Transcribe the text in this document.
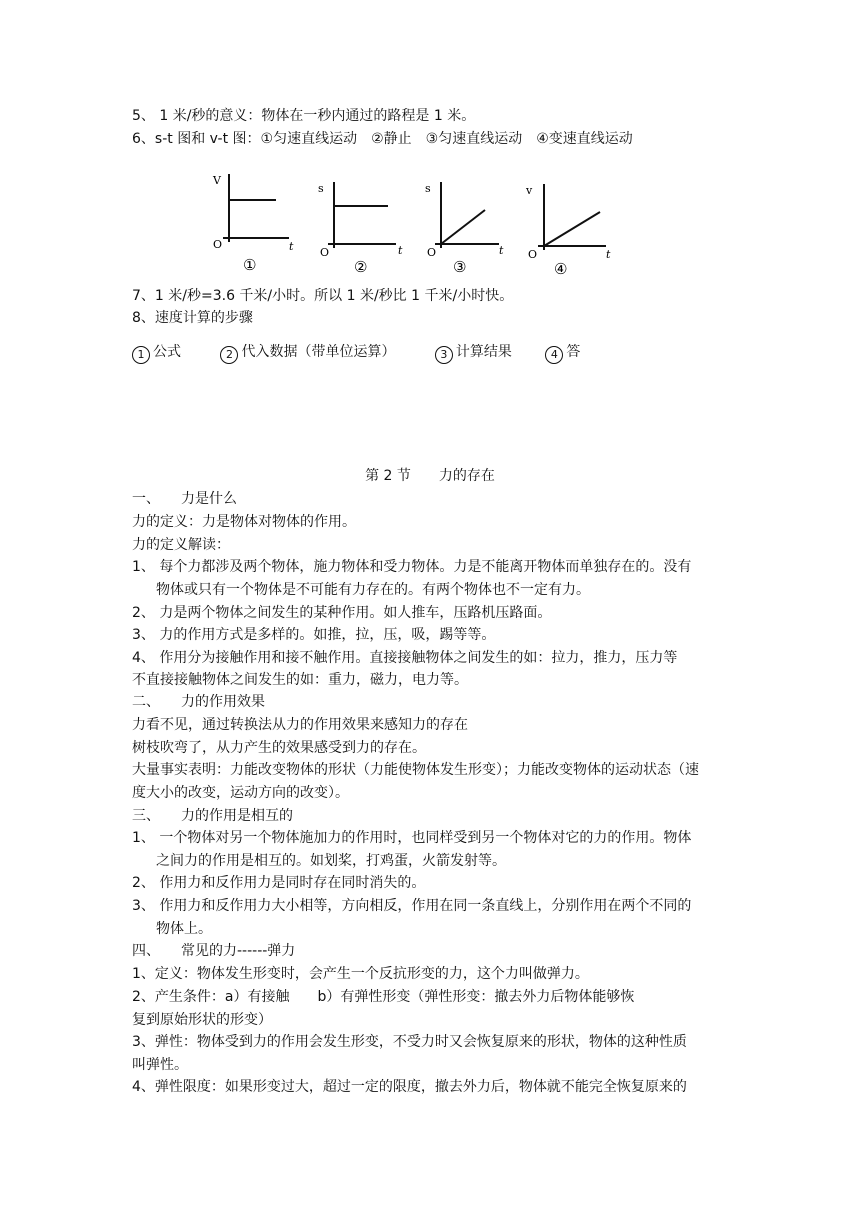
5、 1 米/秒的意义：物体在一秒内通过的路程是 1 米。
6、s-t 图和 v-t 图：①匀速直线运动　②静止　③匀速直线运动　④变速直线运动
V
O	t
①
s
O	t
②
s
O	t
③
v
O	t
④
7、1 米/秒=3.6 千米/小时。所以 1 米/秒比 1 千米/小时快。
8、速度计算的步骤
1 公式	2 代入数据（带单位运算）	3 计算结果	4 答
第 2 节　　力的存在
一、　　力是什么
力的定义：力是物体对物体的作用。
力的定义解读：
1、 每个力都涉及两个物体，施力物体和受力物体。力是不能离开物体而单独存在的。没有
物体或只有一个物体是不可能有力存在的。有两个物体也不一定有力。
2、 力是两个物体之间发生的某种作用。如人推车，压路机压路面。
3、 力的作用方式是多样的。如推，拉，压，吸，踢等等。
4、 作用分为接触作用和接不触作用。直接接触物体之间发生的如：拉力，推力，压力等
不直接接触物体之间发生的如：重力，磁力，电力等。
二、　　力的作用效果
力看不见，通过转换法从力的作用效果来感知力的存在
树枝吹弯了，从力产生的效果感受到力的存在。
大量事实表明：力能改变物体的形状（力能使物体发生形变）；力能改变物体的运动状态（速
度大小的改变，运动方向的改变）。
三、　　力的作用是相互的
1、 一个物体对另一个物体施加力的作用时，也同样受到另一个物体对它的力的作用。物体
之间力的作用是相互的。如划桨，打鸡蛋，火箭发射等。
2、 作用力和反作用力是同时存在同时消失的。
3、 作用力和反作用力大小相等，方向相反，作用在同一条直线上，分别作用在两个不同的
物体上。
四、　　常见的力------弹力
1、定义：物体发生形变时，会产生一个反抗形变的力，这个力叫做弹力。
2、产生条件：a）有接触　　b）有弹性形变（弹性形变：撤去外力后物体能够恢
复到原始形状的形变）
3、弹性：物体受到力的作用会发生形变，不受力时又会恢复原来的形状，物体的这种性质
叫弹性。
4、弹性限度：如果形变过大，超过一定的限度，撤去外力后，物体就不能完全恢复原来的
